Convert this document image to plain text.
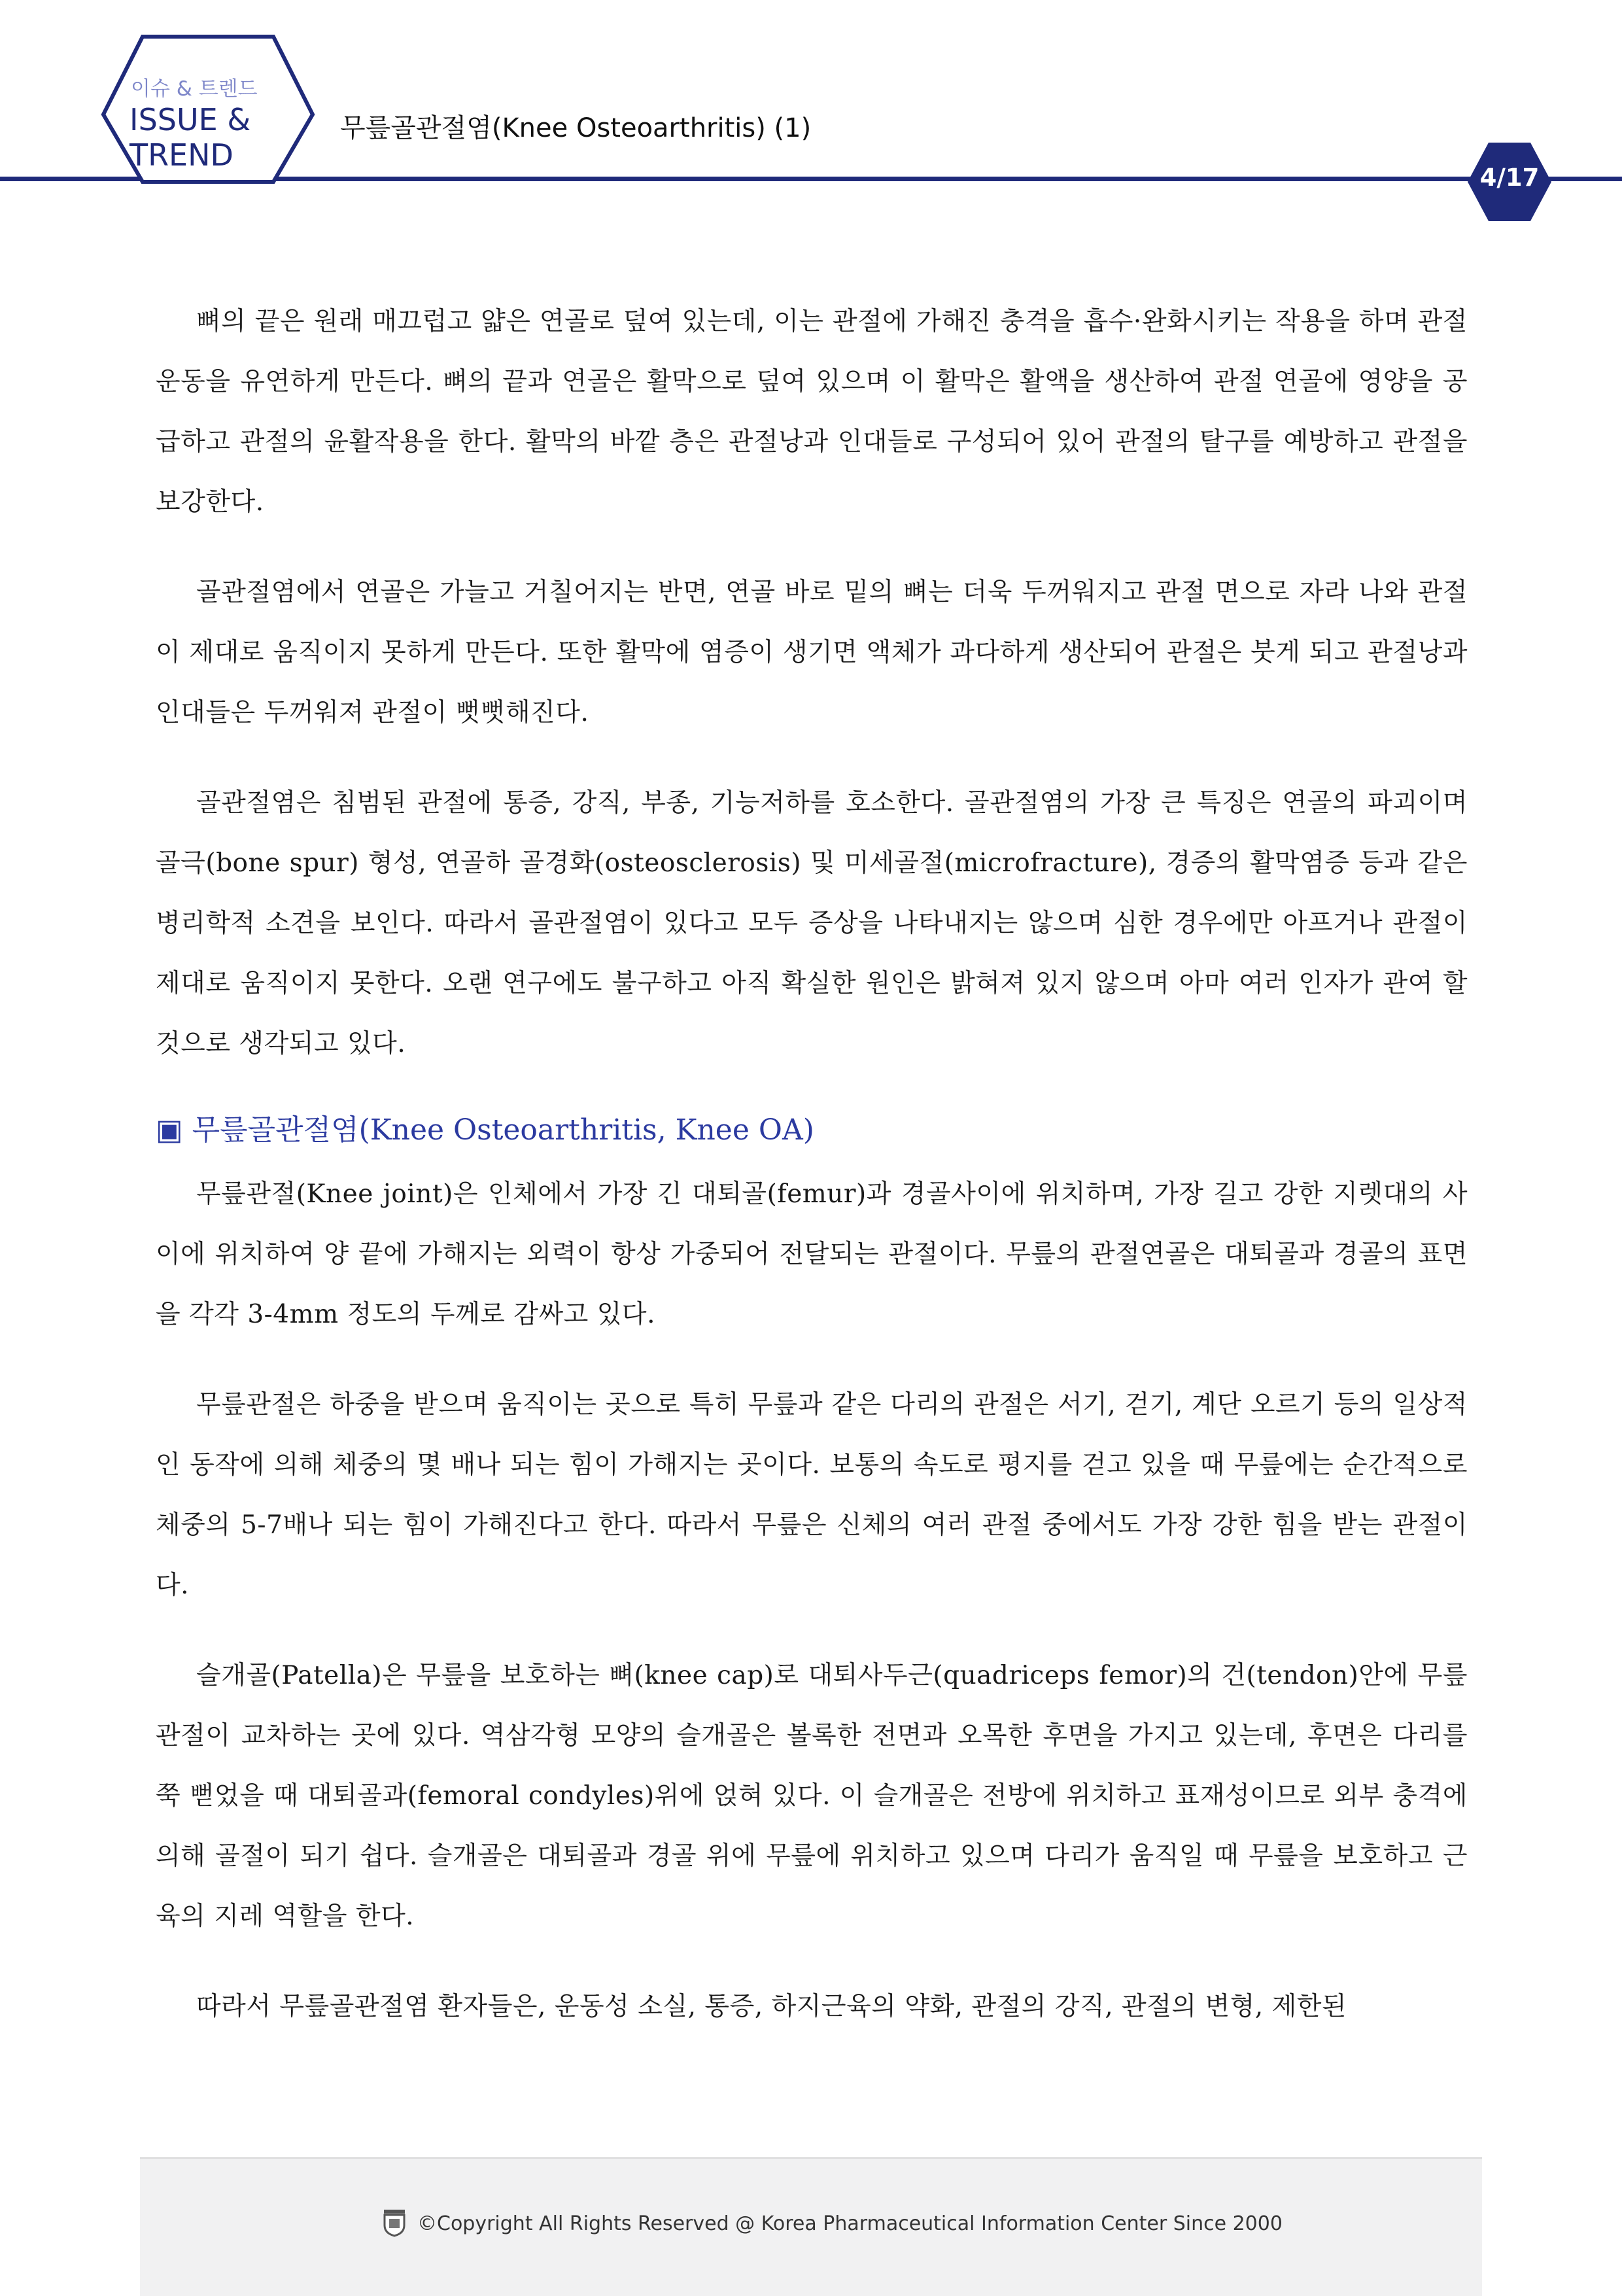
이슈 & 트렌드
ISSUE &
TREND
무릎골관절염(Knee Osteoarthritis) (1)
4/17

뼈의 끝은 원래 매끄럽고 얇은 연골로 덮여 있는데, 이는 관절에 가해진 충격을 흡수·완화시키는 작용을 하며 관절 운동을 유연하게 만든다. 뼈의 끝과 연골은 활막으로 덮여 있으며 이 활막은 활액을 생산하여 관절 연골에 영양을 공급하고 관절의 윤활작용을 한다. 활막의 바깥 층은 관절낭과 인대들로 구성되어 있어 관절의 탈구를 예방하고 관절을 보강한다.

골관절염에서 연골은 가늘고 거칠어지는 반면, 연골 바로 밑의 뼈는 더욱 두꺼워지고 관절 면으로 자라 나와 관절이 제대로 움직이지 못하게 만든다. 또한 활막에 염증이 생기면 액체가 과다하게 생산되어 관절은 붓게 되고 관절낭과 인대들은 두꺼워져 관절이 뻣뻣해진다.

골관절염은 침범된 관절에 통증, 강직, 부종, 기능저하를 호소한다. 골관절염의 가장 큰 특징은 연골의 파괴이며 골극(bone spur) 형성, 연골하 골경화(osteosclerosis) 및 미세골절(microfracture), 경증의 활막염증 등과 같은 병리학적 소견을 보인다. 따라서 골관절염이 있다고 모두 증상을 나타내지는 않으며 심한 경우에만 아프거나 관절이 제대로 움직이지 못한다. 오랜 연구에도 불구하고 아직 확실한 원인은 밝혀져 있지 않으며 아마 여러 인자가 관여 할 것으로 생각되고 있다.

▣ 무릎골관절염(Knee Osteoarthritis, Knee OA)

무릎관절(Knee joint)은 인체에서 가장 긴 대퇴골(femur)과 경골사이에 위치하며, 가장 길고 강한 지렛대의 사이에 위치하여 양 끝에 가해지는 외력이 항상 가중되어 전달되는 관절이다. 무릎의 관절연골은 대퇴골과 경골의 표면을 각각 3-4mm 정도의 두께로 감싸고 있다.

무릎관절은 하중을 받으며 움직이는 곳으로 특히 무릎과 같은 다리의 관절은 서기, 걷기, 계단 오르기 등의 일상적인 동작에 의해 체중의 몇 배나 되는 힘이 가해지는 곳이다. 보통의 속도로 평지를 걷고 있을 때 무릎에는 순간적으로 체중의 5-7배나 되는 힘이 가해진다고 한다. 따라서 무릎은 신체의 여러 관절 중에서도 가장 강한 힘을 받는 관절이다.

슬개골(Patella)은 무릎을 보호하는 뼈(knee cap)로 대퇴사두근(quadriceps femor)의 건(tendon)안에 무릎관절이 교차하는 곳에 있다. 역삼각형 모양의 슬개골은 볼록한 전면과 오목한 후면을 가지고 있는데, 후면은 다리를 쭉 뻗었을 때 대퇴골과(femoral condyles)위에 얹혀 있다. 이 슬개골은 전방에 위치하고 표재성이므로 외부 충격에 의해 골절이 되기 쉽다. 슬개골은 대퇴골과 경골 위에 무릎에 위치하고 있으며 다리가 움직일 때 무릎을 보호하고 근육의 지레 역할을 한다.

따라서 무릎골관절염 환자들은, 운동성 소실, 통증, 하지근육의 약화, 관절의 강직, 관절의 변형, 제한된

©Copyright All Rights Reserved @ Korea Pharmaceutical Information Center Since 2000
